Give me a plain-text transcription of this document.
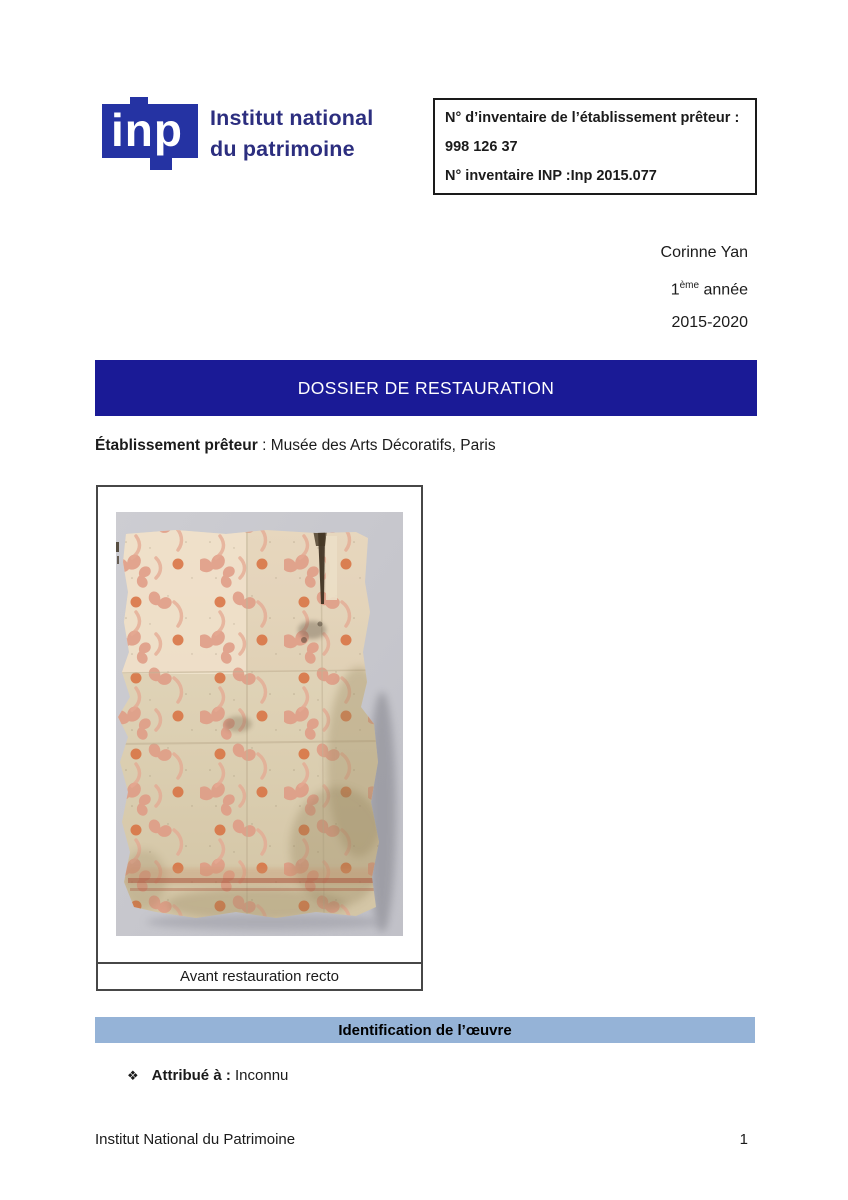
inp Institut national
du patrimoine
N° d’inventaire de l’établissement prêteur :
998 126 37
N° inventaire INP :Inp 2015.077
Corinne Yan
1ème année
2015-2020
DOSSIER DE RESTAURATION

Établissement prêteur : Musée des Arts Décoratifs, Paris

Avant restauration recto
Identification de l’œuvre
❖ Attribué à :
Inconnu
Institut National du Patrimoine	1
